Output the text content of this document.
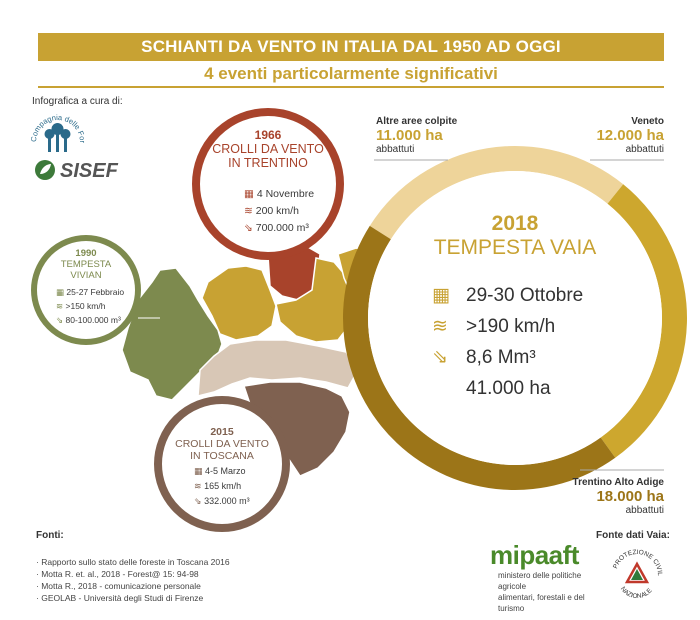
SCHIANTI DA VENTO IN ITALIA DAL 1950 AD OGGI
4 eventi particolarmente significativi
Infografica a cura di:
ompagnia delle F
SISEF
1966
CROLLI DA VENTO
IN TRENTINO
▦ 4 Novembre
≋ 200 km/h
⇘ 700.000 m³
1990
TEMPESTA
VIVIAN
▦ 25-27 Febbraio
≋ >150 km/h
⇘ 80-100.000 m³
2015
CROLLI DA VENTO
IN TOSCANA
▦ 4-5 Marzo
≋ 165 km/h
⇘ 332.000 m³
2018
TEMPESTA VAIA
▦ 29-30 Ottobre
≋ >190 km/h
⇘ 8,6 Mm³
41.000 ha
Altre aree colpite
11.000 ha
abbattuti
Veneto
12.000 ha
abbattuti
Trentino Alto Adige
18.000 ha
abbattuti
Fonti:
· Rapporto sullo stato delle foreste in Toscana 2016
· Motta R. et. al., 2018 - Forest@ 15: 94-98
· Motta R., 2018 - comunicazione personale
· GEOLAB - Università degli Studi di Firenze
Fonte dati Vaia:
mipaaft
ministero delle politiche agricole
alimentari, forestali e del turismo
PROTEZIONE CIVIL
NAZIONALE
